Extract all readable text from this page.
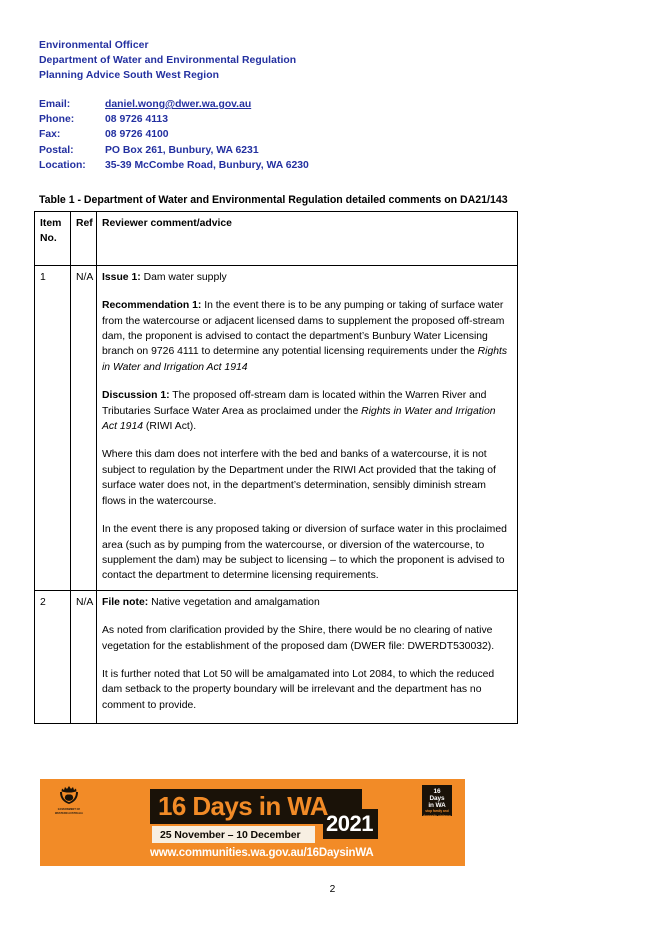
Environmental Officer
Department of Water and Environmental Regulation
Planning Advice South West Region
Email:	daniel.wong@dwer.wa.gov.au
Phone:	08 9726 4113
Fax:	08 9726 4100
Postal:	PO Box 261, Bunbury, WA 6231
Location:	35-39 McCombe Road, Bunbury, WA 6230
Table 1 - Department of Water and Environmental Regulation detailed comments on DA21/143
Item
No.	Ref	Reviewer comment/advice
1	N/A	Issue 1: Dam water supply

Recommendation 1: In the event there is to be any pumping or taking of surface water from the watercourse or adjacent licensed dams to supplement the proposed off-stream dam, the proponent is advised to contact the department’s Bunbury Water Licensing branch on 9726 4111 to determine any potential licensing requirements under the Rights in Water and Irrigation Act 1914

Discussion 1: The proposed off-stream dam is located within the Warren River and Tributaries Surface Water Area as proclaimed under the Rights in Water and Irrigation Act 1914 (RIWI Act).

Where this dam does not interfere with the bed and banks of a watercourse, it is not subject to regulation by the Department under the RIWI Act provided that the taking of surface water does not, in the department’s determination, sensibly diminish stream flows in the watercourse.

In the event there is any proposed taking or diversion of surface water in this proclaimed area (such as by pumping from the watercourse, or diversion of the watercourse, to supplement the dam) may be subject to licensing – to which the proponent is advised to contact the department to determine licensing requirements.

2	N/A	File note: Native vegetation and amalgamation

As noted from clarification provided by the Shire, there would be no clearing of native vegetation for the establishment of the proposed dam (DWER file: DWERDT530032).

It is further noted that Lot 50 will be amalgamated into Lot 2084, to which the reduced dam setback to the property boundary will be irrelevant and the department has no comment to provide.

GOVERNMENT OF
WESTERN AUSTRALIA	16 Days in WA
2021
25 November – 10 December
www.communities.wa.gov.au/16DaysinWA
16
Days
in WA
stop family and domestic violence
2
